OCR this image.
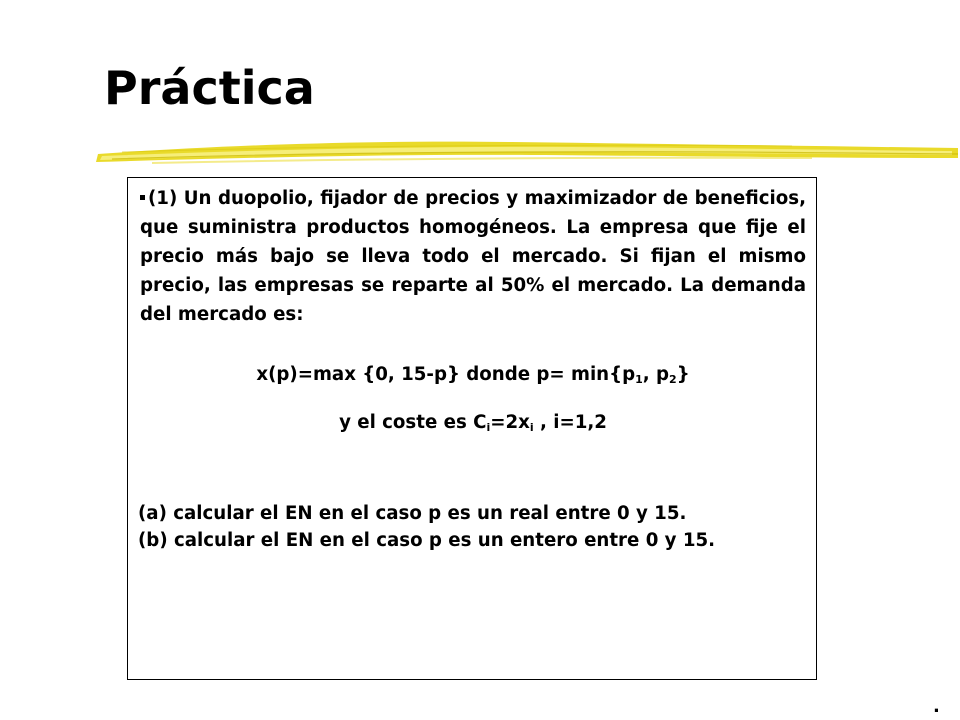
Práctica

(1) Un duopolio, fijador de precios y maximizador de beneficios, que suministra productos homogéneos. La empresa que fije el precio más bajo se lleva todo el mercado. Si fijan el mismo precio, las empresas se reparte al 50% el mercado. La demanda del mercado es:

x(p)=max {0, 15-p} donde $p= \min\{p_1$, $p_2$}

y el coste es $C_i=2x_i$ , i=1,2

(a) calcular el EN en el caso p es un real entre 0 y 15.

(b) calcular el EN en el caso p es un entero entre 0 y 15.

.
